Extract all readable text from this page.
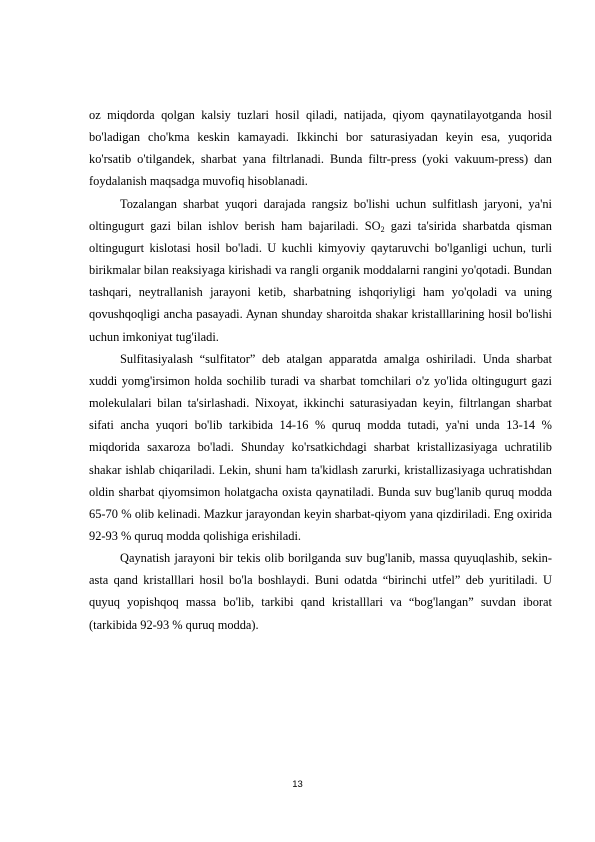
oz miqdorda qolgan kalsiy tuzlari hosil qiladi, natijada, qiyom qaynatilayotganda hosil bo'ladigan cho'kma keskin kamayadi. Ikkinchi bor saturasiyadan keyin esa, yuqorida ko'rsatib o'tilgandek, sharbat yana filtrlanadi. Bunda filtr-press (yoki vakuum-press) dan foydalanish maqsadga muvofiq hisoblanadi.

Tozalangan sharbat yuqori darajada rangsiz bo'lishi uchun sulfitlash jaryoni, ya'ni oltingugurt gazi bilan ishlov berish ham bajariladi. $SO_2$ gazi ta'sirida sharbatda qisman oltingugurt kislotasi hosil bo'ladi. U kuchli kimyoviy qaytaruvchi bo'lganligi uchun, turli birikmalar bilan reaksiyaga kirishadi va rangli organik moddalarni rangini yo'qotadi. Bundan tashqari, neytrallanish jarayoni ketib, sharbatning ishqoriyligi ham yo'qoladi va uning qovushqoqligi ancha pasayadi. Aynan shunday sharoitda shakar kristalllarining hosil bo'lishi uchun imkoniyat tug'iladi.

Sulfitasiyalash “sulfitator” deb atalgan apparatda amalga oshiriladi. Unda sharbat xuddi yomg'irsimon holda sochilib turadi va sharbat tomchilari o'z yo'lida oltingugurt gazi molekulalari bilan ta'sirlashadi. Nixoyat, ikkinchi saturasiyadan keyin, filtrlangan sharbat sifati ancha yuqori bo'lib tarkibida 14-16 % quruq modda tutadi, ya'ni unda 13-14 % miqdorida saxaroza bo'ladi. Shunday ko'rsatkichdagi sharbat kristallizasiyaga uchratilib shakar ishlab chiqariladi. Lekin, shuni ham ta'kidlash zarurki, kristallizasiyaga uchratishdan oldin sharbat qiyomsimon holatgacha oxista qaynatiladi. Bunda suv bug'lanib quruq modda 65-70 % olib kelinadi. Mazkur jarayondan keyin sharbat-qiyom yana qizdiriladi. Eng oxirida 92-93 % quruq modda qolishiga erishiladi.

Qaynatish jarayoni bir tekis olib borilganda suv bug'lanib, massa quyuqlashib, sekin-asta qand kristalllari hosil bo'la boshlaydi. Buni odatda “birinchi utfel” deb yuritiladi. U quyuq yopishqoq massa bo'lib, tarkibi qand kristalllari va “bog'langan” suvdan iborat (tarkibida 92-93 % quruq modda).

13
